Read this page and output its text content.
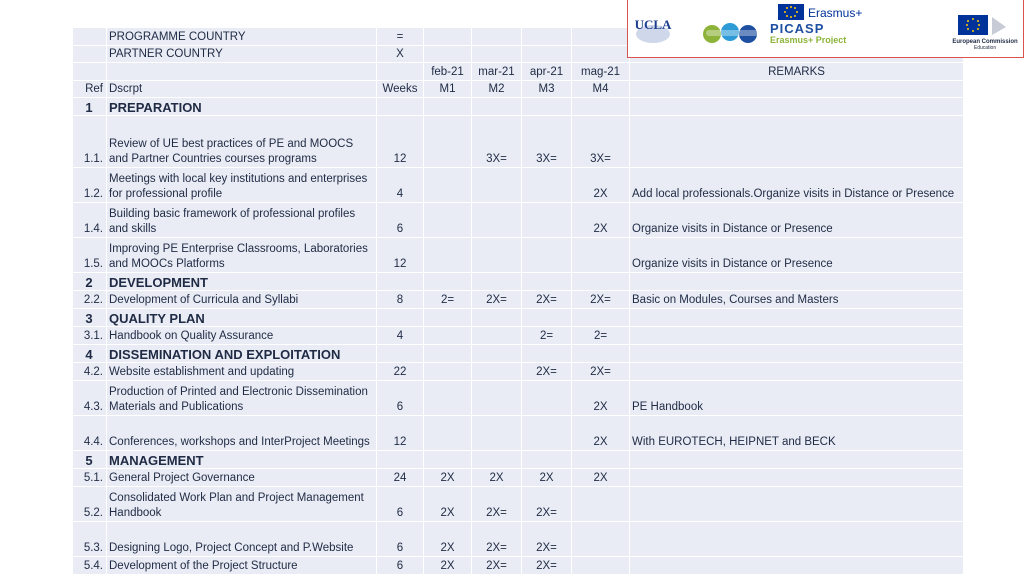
	PROGRAMME COUNTRY	=					
	PARTNER COUNTRY	X					
			feb-21	mar-21	apr-21	mag-21	REMARKS
Ref	Dscrpt	Weeks	M1	M2	M3	M4	
1	PREPARATION						
1.1.	Review of UE best practices of PE and MOOCS and Partner Countries courses programs	12		3X=	3X=	3X=	
1.2.	Meetings with local key institutions and enterprises for professional profile	4				2X	Add local professionals.Organize visits in Distance or Presence
1.4.	Building basic framework of professional profiles and skills	6				2X	Organize visits in Distance or Presence
1.5.	Improving PE Enterprise Classrooms, Laboratories and MOOCs Platforms	12					Organize visits in Distance or Presence
2	DEVELOPMENT						
2.2.	Development of Curricula and Syllabi	8	2=	2X=	2X=	2X=	Basic on Modules, Courses and Masters
3	QUALITY PLAN						
3.1.	Handbook on Quality Assurance	4			2=	2=	
4	DISSEMINATION AND EXPLOITATION						
4.2.	Website establishment and updating	22			2X=	2X=	
4.3.	Production of Printed and Electronic Dissemination Materials and Publications	6				2X	PE Handbook
4.4.	Conferences, workshops and InterProject Meetings	12				2X	With EUROTECH, HEIPNET and BECK
5	MANAGEMENT						
5.1.	General Project Governance	24	2X	2X	2X	2X	
5.2.	Consolidated Work Plan and Project Management Handbook	6	2X	2X=	2X=		
5.3.	Designing Logo, Project Concept and P.Website	6	2X	2X=	2X=		
5.4.	Development of the Project Structure	6	2X	2X=	2X=		
UCLA	PICASP
Erasmus+ Project
Erasmus+
European Commission
Education
